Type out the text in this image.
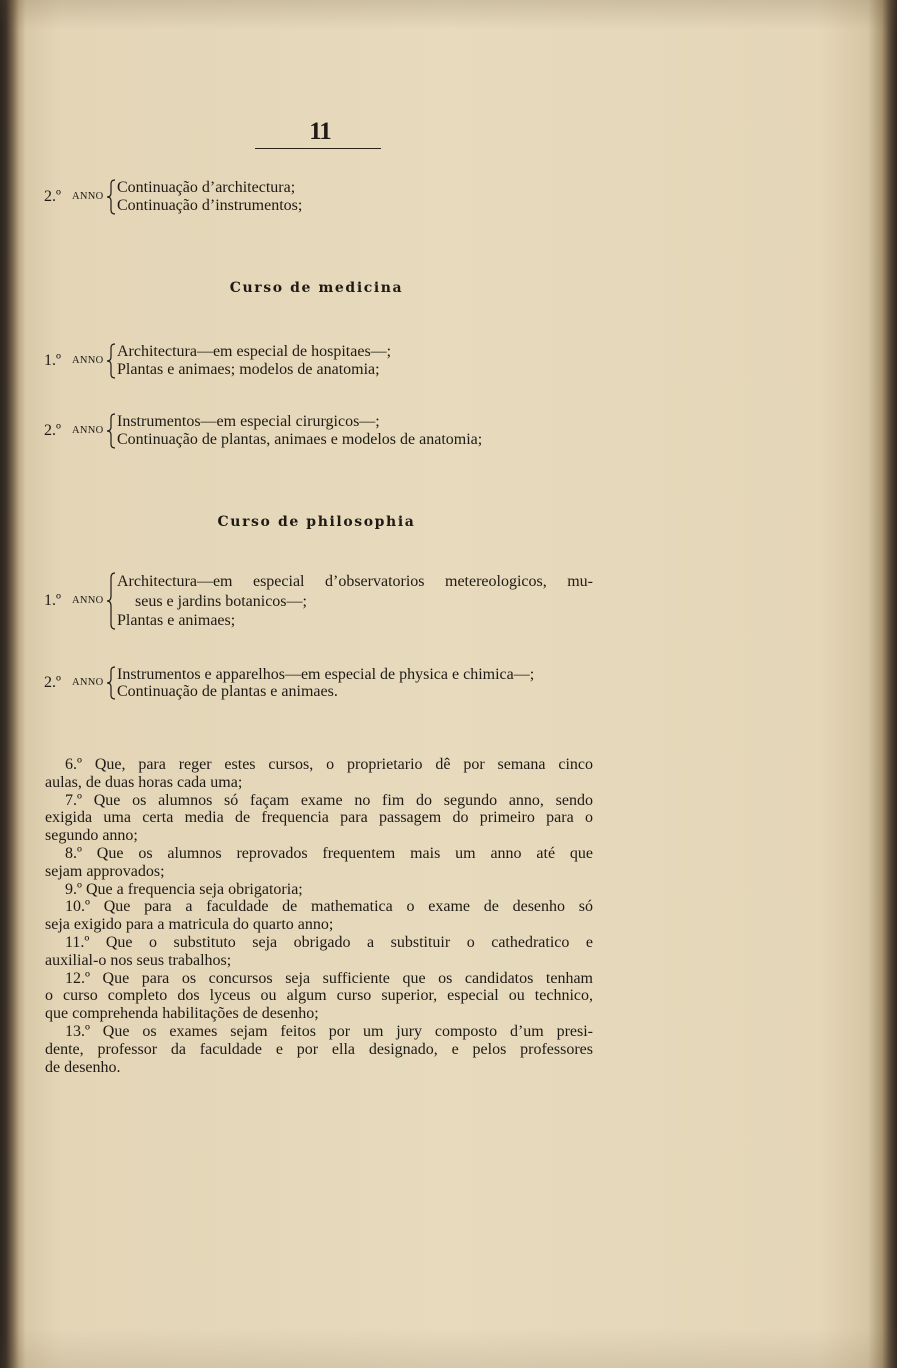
11
2.º	ANNO
Continuação d’architectura;
Continuação d’instrumentos;
Curso de medicina
1.º	ANNO
Architectura—em especial de hospitaes—;
Plantas e animaes; modelos de anatomia;
2.º	ANNO
Instrumentos—em especial cirurgicos—;
Continuação de plantas, animaes e modelos de anatomia;
Curso de philosophia
1.º	ANNO
Architectura—em especial d’observatorios metereologicos, mu-
seus e jardins botanicos—;
Plantas e animaes;
2.º	ANNO Instrumentos e apparelhos—em especial de physica e chimica—;
Continuação de plantas e animaes.
6.º Que, para reger estes cursos, o proprietario dê por semana cinco
aulas, de duas horas cada uma;
7.º Que os alumnos só façam exame no fim do segundo anno, sendo
exigida uma certa media de frequencia para passagem do primeiro para o
segundo anno;
8.º Que os alumnos reprovados frequentem mais um anno até que
sejam approvados;
9.º Que a frequencia seja obrigatoria;
10.º Que para a faculdade de mathematica o exame de desenho só
seja exigido para a matricula do quarto anno;
11.º Que o substituto seja obrigado a substituir o cathedratico e
auxilial-o nos seus trabalhos;
12.º Que para os concursos seja sufficiente que os candidatos tenham
o curso completo dos lyceus ou algum curso superior, especial ou technico,
que comprehenda habilitações de desenho;
13.º Que os exames sejam feitos por um jury composto d’um presi-
dente, professor da faculdade e por ella designado, e pelos professores
de desenho.
